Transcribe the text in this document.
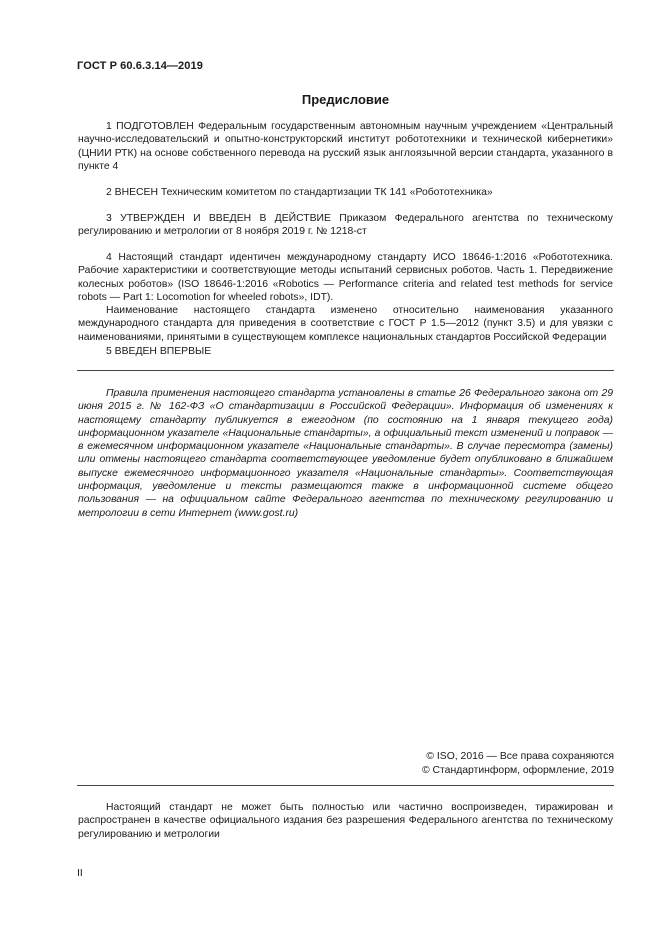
ГОСТ Р 60.6.3.14—2019
Предисловие

1 ПОДГОТОВЛЕН Федеральным государственным автономным научным учреждением «Центральный научно-исследовательский и опытно-конструкторский институт робототехники и технической кибернетики» (ЦНИИ РТК) на основе собственного перевода на русский язык англоязычной версии стандарта, указанного в пункте 4

2 ВНЕСЕН Техническим комитетом по стандартизации ТК 141 «Робототехника»

3 УТВЕРЖДЕН И ВВЕДЕН В ДЕЙСТВИЕ Приказом Федерального агентства по техническому регулированию и метрологии от 8 ноября 2019 г. № 1218-ст

4 Настоящий стандарт идентичен международному стандарту ИСО 18646-1:2016 «Робототехника. Рабочие характеристики и соответствующие методы испытаний сервисных роботов. Часть 1. Передвижение колесных роботов» (ISO 18646-1:2016 «Robotics — Performance criteria and related test methods for service robots — Part 1: Locomotion for wheeled robots», IDT).

Наименование настоящего стандарта изменено относительно наименования указанного международного стандарта для приведения в соответствие с ГОСТ Р 1.5—2012 (пункт 3.5) и для увязки с наименованиями, принятыми в существующем комплексе национальных стандартов Российской Федерации

5 ВВЕДЕН ВПЕРВЫЕ

Правила применения настоящего стандарта установлены в статье 26 Федерального закона от 29 июня 2015 г. № 162-ФЗ «О стандартизации в Российской Федерации». Информация об изменениях к настоящему стандарту публикуется в ежегодном (по состоянию на 1 января текущего года) информационном указателе «Национальные стандарты», а официальный текст изменений и поправок — в ежемесячном информационном указателе «Национальные стандарты». В случае пересмотра (замены) или отмены настоящего стандарта соответствующее уведомление будет опубликовано в ближайшем выпуске ежемесячного информационного указателя «Национальные стандарты». Соответствующая информация, уведомление и тексты размещаются также в информационной системе общего пользования — на официальном сайте Федерального агентства по техническому регулированию и метрологии в сети Интернет (www.gost.ru)

© ISO, 2016 — Все права сохраняются
© Стандартинформ, оформление, 2019

Настоящий стандарт не может быть полностью или частично воспроизведен, тиражирован и распространен в качестве официального издания без разрешения Федерального агентства по техническому регулированию и метрологии

II
